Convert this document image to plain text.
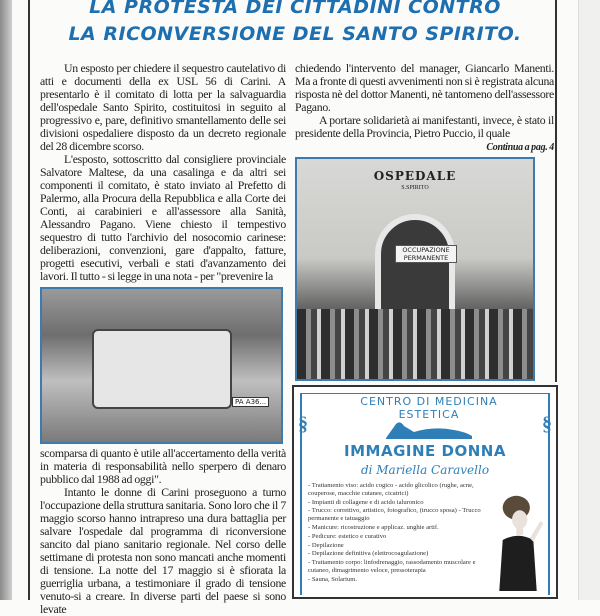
LA PROTESTA DEI CITTADINI CONTRO
LA RICONVERSIONE DEL SANTO SPIRITO.

Un esposto per chiedere il sequestro cautelativo di atti e documenti della ex USL 56 di Carini. A presentarlo è il comitato di lotta per la salvaguardia dell'ospedale Santo Spirito, costituitosi in seguito al progressivo e, pare, definitivo smantellamento delle sei divisioni ospedaliere disposto da un decreto regionale del 28 dicembre scorso.

L'esposto, sottoscritto dal consigliere provinciale Salvatore Maltese, da una casalinga e da altri sei componenti il comitato, è stato inviato al Prefetto di Palermo, alla Procura della Repubblica e alla Corte dei Conti, ai carabinieri e all'assessore alla Sanità, Alessandro Pagano. Viene chiesto il tempestivo sequestro di tutto l'archivio del nosocomio carinese: deliberazioni, convenzioni, gare d'appalto, fatture, progetti esecutivi, verbali e stati d'avanzamento dei lavori. Il tutto - si legge in una nota - per "prevenire la

PA A36...

scomparsa di quanto è utile all'accertamento della verità in materia di responsabilità nello sperpero di denaro pubblico dal 1988 ad oggi".

Intanto le donne di Carini proseguono a turno l'occupazione della struttura sanitaria. Sono loro che il 7 maggio scorso hanno intrapreso una dura battaglia per salvare l'ospedale dal programma di riconversione sancito dal piano sanitario regionale. Nel corso delle settimane di protesta non sono mancati anche momenti di tensione. La notte del 17 maggio si è sfiorata la guerriglia urbana, a testimoniare il grado di tensione venuto-si a creare. In diverse parti del paese si sono levate

chiedendo l'intervento del manager, Giancarlo Manenti. Ma a fronte di questi avvenimenti non si è registrata alcuna risposta nè del dottor Manenti, nè tantomeno dell'assessore Pagano.

A portare solidarietà ai manifestanti, invece, è stato il presidente della Provincia, Pietro Puccio, il quale

Continua a pag. 4
OSPEDALE
S.SPIRITO
OCCUPAZIONE PERMANENTE
§	§
CENTRO DI MEDICINA ESTETICA
IMMAGINE DONNA
di Mariella Caravello
- Trattamento viso: acido cogico - acido glicolico (rughe, acne, couperose, macchie cutanee, cicatrici)
- Impianti di collagene e di acido ialuronico
- Trucco: correttivo, artistico, fotografico, (trucco sposa) - Trucco permanente e tatuaggio
- Manicure: ricostruzione e applicaz. unghie artif.
- Pedicure: estetico e curativo
- Depilazione
- Depilazione definitiva (elettrocoagulazione)
- Trattamento corpo: linfodrenaggio, rassodamento muscolare e cutaneo, dimagrimento veloce, pressoterapia
- Sauna, Solarium.
